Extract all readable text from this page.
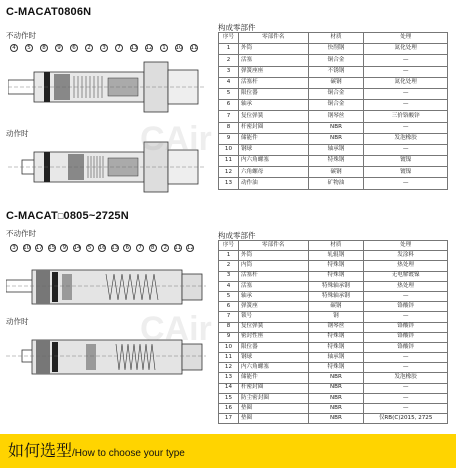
C-MACAT0806N
不动作时
4	5	8	9	6	2	3	7	13 12	1	10 11
动作时
构成零部件
序号	零部件名	材质	处理
1	外筒	快削钢	氮化处理
2	活塞	铜合金	—
3	弹簧座座	不锈钢	—
4	活塞杆	碳钢	氮化处理
5	限位器	铜合金	—
6	轴承	铜合金	—
7	复位弹簧	钢琴丝	三价铬酸锌
8	杆密封圈	NBR	—
9	储能件	NBR	发泡橡胶
10	钢球	轴承钢	—
11	内六角螺塞	特殊钢	镀镍
12	六角螺母	碳钢	镀镍
13	动作油	矿物油	—
C-MACAT□0805~2725N
不动作时
3	10 17 15	9	14	5	16 13	6	7	8	2	11 12
动作时
构成零部件
序号	零部件名	材质	处理
1	外筒	轧辊钢	发涂料
2	内筒	特殊钢	热处理
3	活塞杆	特殊钢	无电解镀镍
4	活塞	特殊轴承钢	热处理
5	轴承	特殊轴承钢	—
6	弹簧座	碳钢	铬酸锌
7	锁号	钢	—
8	复位弹簧	钢琴丝	铬酸锌
9	密封性座	特殊钢	铬酸锌
10	限位器	特殊钢	铬酸锌
11	钢球	轴承钢	—
12	内六角螺塞	特殊钢	—
13	储能件	NBR	发泡橡胶
14	杆密封圈	NBR	—
15	防尘密封圈	NBR	—
16	垫圈	NBR	—
17	垫圈	NBR	仅RB(C)2015, 2725
CAir
CAir
如何选型/How to choose your type
